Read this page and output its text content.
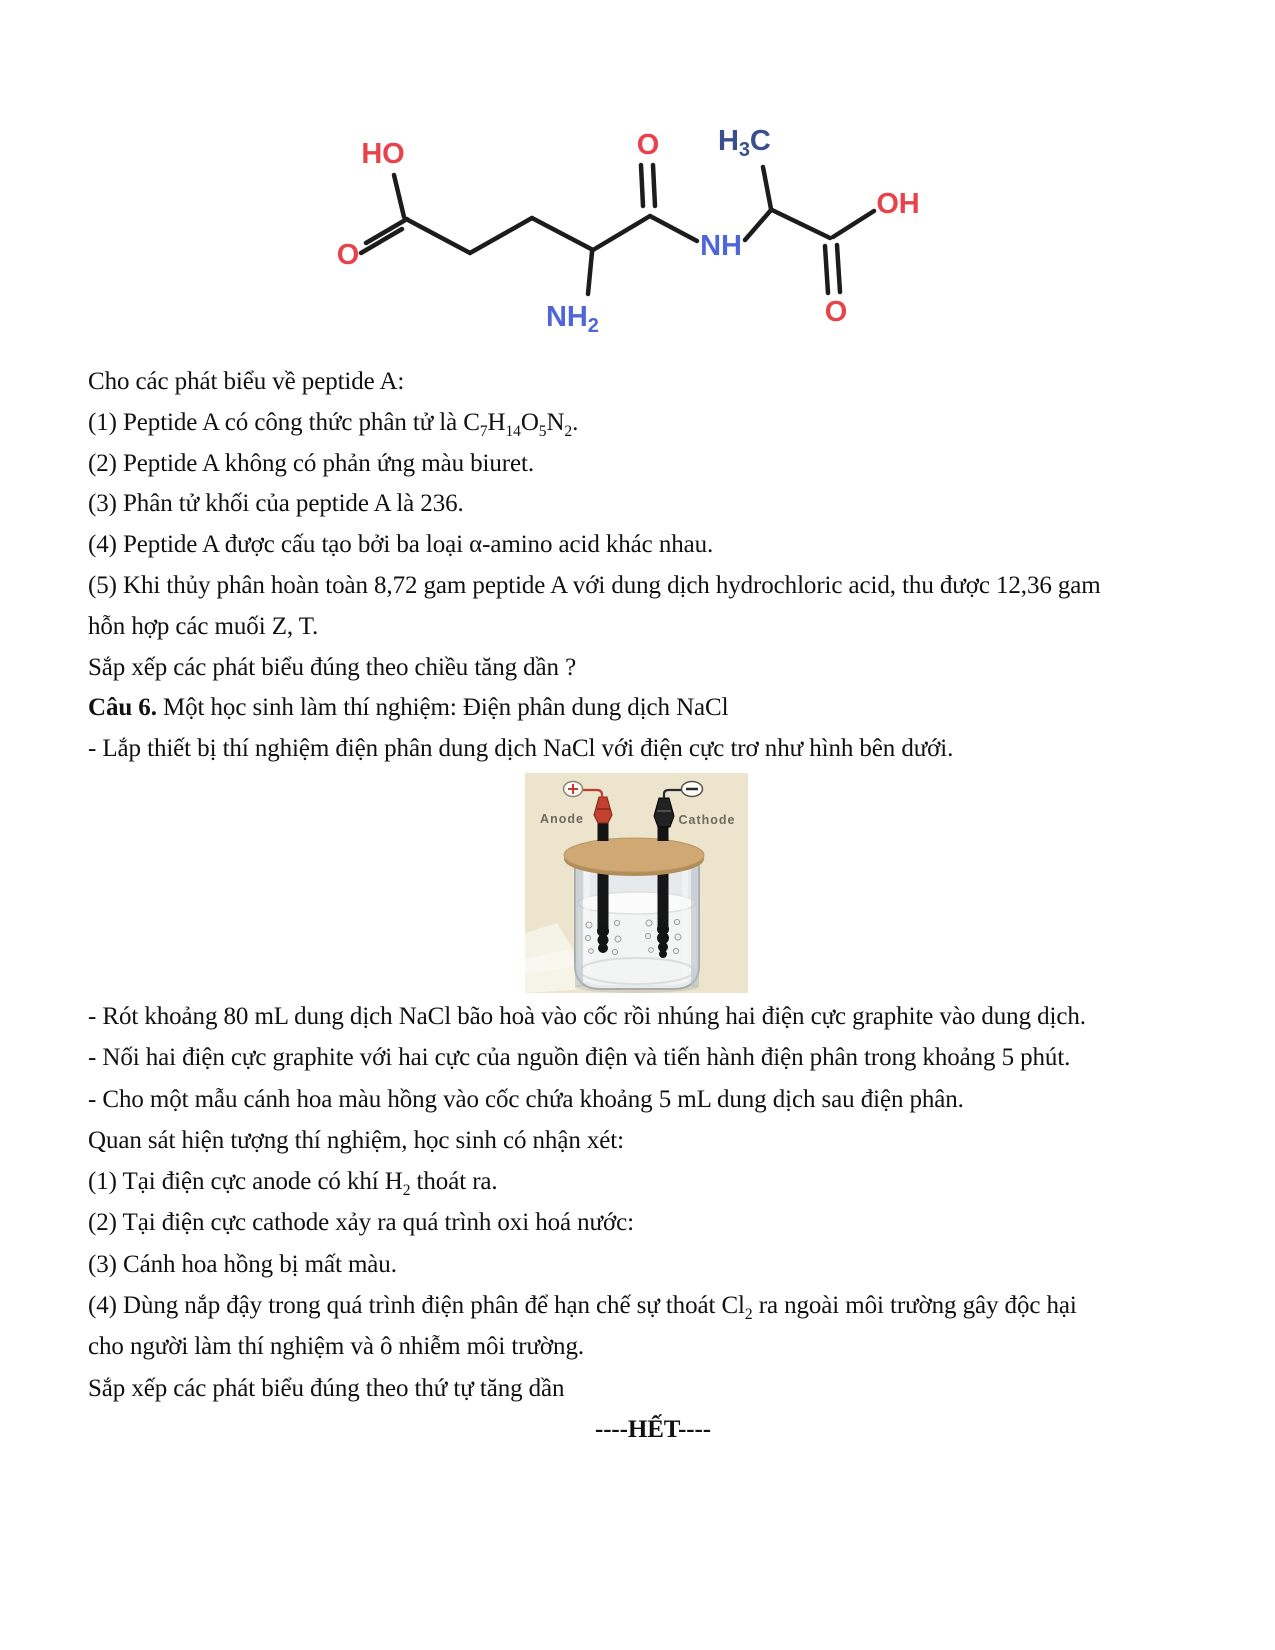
HO
O
O
NH
O
OH
NH2
H3C

Cho các phát biểu về peptide A:

(1) Peptide A có công thức phân tử là $C_7H_{14}O_5N_2$.

(2) Peptide A không có phản ứng màu biuret.

(3) Phân tử khối của peptide A là 236.

(4) Peptide A được cấu tạo bởi ba loại α-amino acid khác nhau.

(5) Khi thủy phân hoàn toàn 8,72 gam peptide A với dung dịch hydrochloric acid, thu được 12,36 gam

hỗn hợp các muối Z, T.

Sắp xếp các phát biểu đúng theo chiều tăng dần ?

Câu 6. Một học sinh làm thí nghiệm: Điện phân dung dịch NaCl

- Lắp thiết bị thí nghiệm điện phân dung dịch NaCl với điện cực trơ như hình bên dưới.

Anode	Cathode

- Rót khoảng 80 mL dung dịch NaCl bão hoà vào cốc rồi nhúng hai điện cực graphite vào dung dịch.

- Nối hai điện cực graphite với hai cực của nguồn điện và tiến hành điện phân trong khoảng 5 phút.

- Cho một mẫu cánh hoa màu hồng vào cốc chứa khoảng 5 mL dung dịch sau điện phân.

Quan sát hiện tượng thí nghiệm, học sinh có nhận xét:

(1) Tại điện cực anode có khí $H_2$ thoát ra.

(2) Tại điện cực cathode xảy ra quá trình oxi hoá nước:

(3) Cánh hoa hồng bị mất màu.

(4) Dùng nắp đậy trong quá trình điện phân để hạn chế sự thoát $Cl_2$ ra ngoài môi trường gây độc hại

cho người làm thí nghiệm và ô nhiễm môi trường.

Sắp xếp các phát biểu đúng theo thứ tự tăng dần

----HẾT----
